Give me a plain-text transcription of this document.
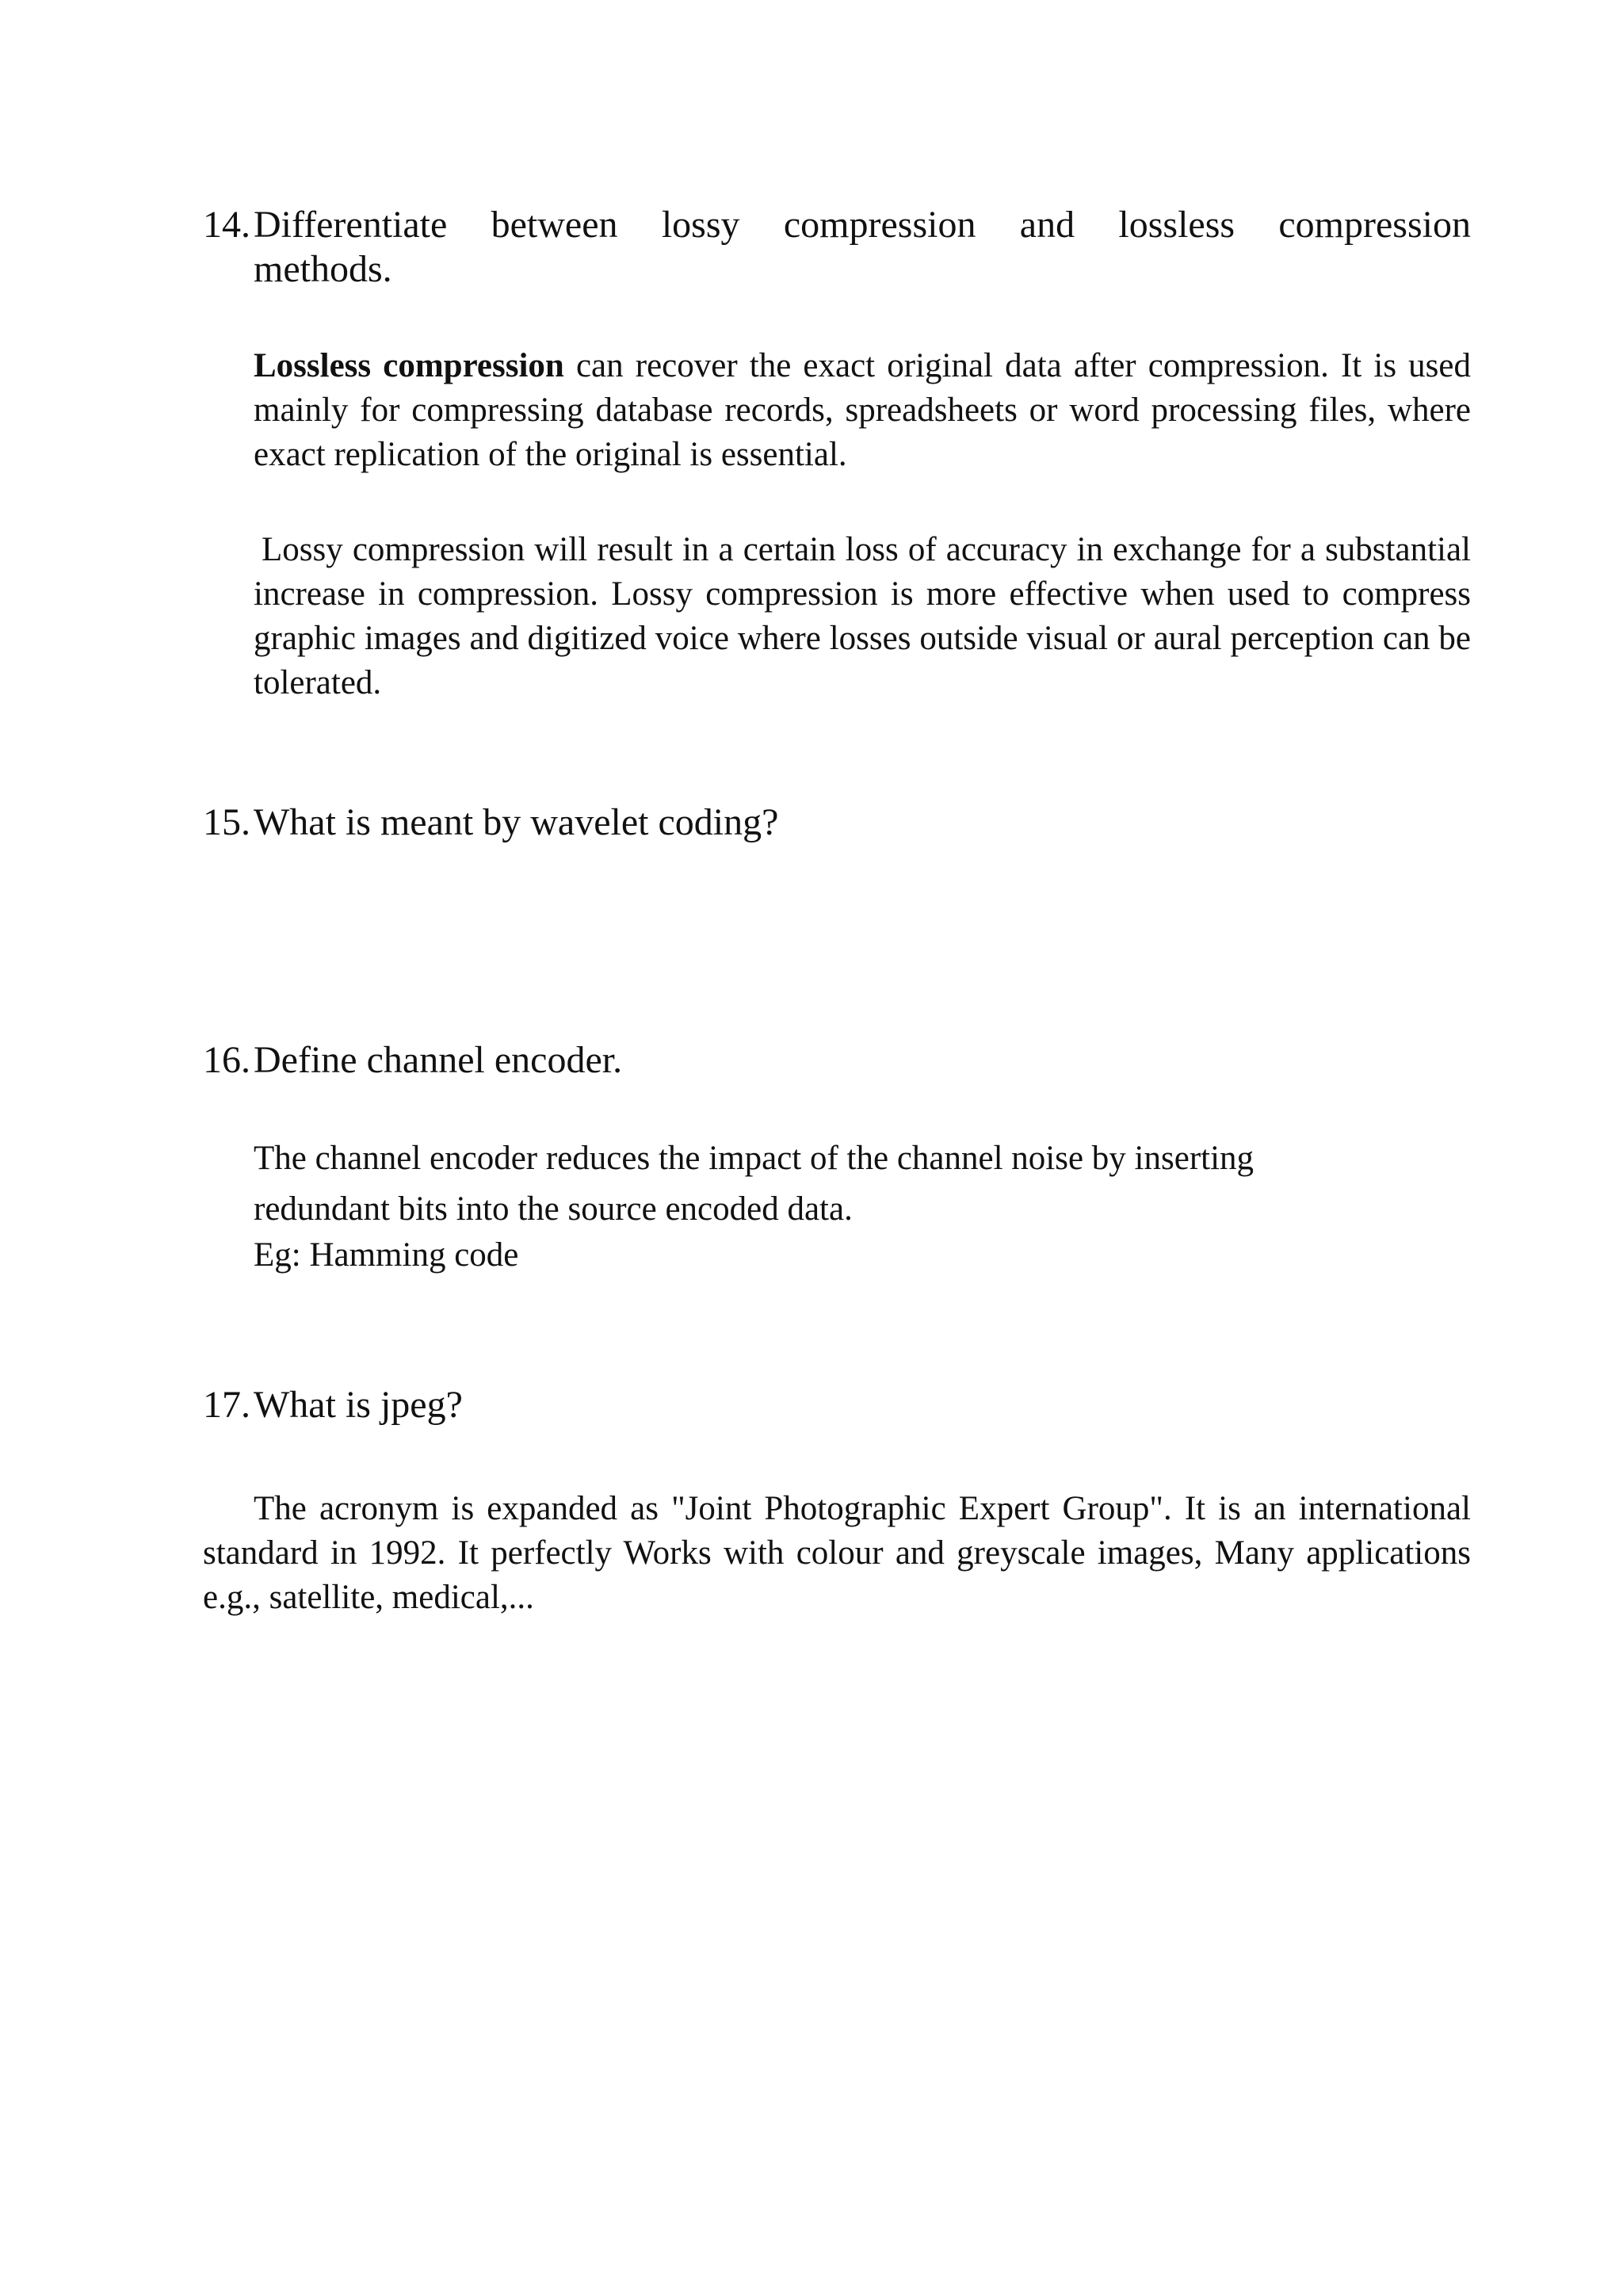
14. Differentiate between lossy compression and lossless compression
methods.

Lossless compression can recover the exact original data after compression. It is used mainly for compressing database records, spreadsheets or word processing files, where exact replication of the original is essential.

Lossy compression will result in a certain loss of accuracy in exchange for a substantial increase in compression. Lossy compression is more effective when used to compress graphic images and digitized voice where losses outside visual or aural perception can be tolerated.

15. What is meant by wavelet coding?
16. Define channel encoder.
The channel encoder reduces the impact of the channel noise by inserting
redundant bits into the source encoded data.
Eg: Hamming code
17. What is jpeg?

The acronym is expanded as "Joint Photographic Expert Group". It is an international standard in 1992. It perfectly Works with colour and greyscale images, Many applications e.g., satellite, medical,...
